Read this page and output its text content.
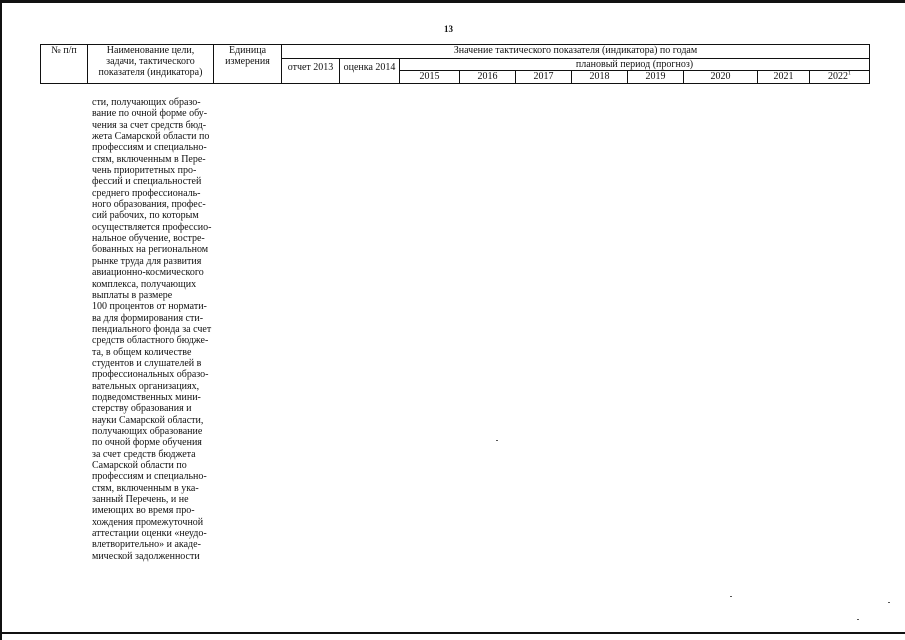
13
№ п/п	Наименование цели,
задачи, тактического
показателя (индикатора)	Единица
измерения	Значение тактического показателя (индикатора) по годам									
			отчет 2013	оценка 2014	плановый период (прогноз)							
					2015	2016	2017	2018	2019	2020	2021	2022$^1$
сти, получающих образо-
вание по очной форме обу-
чения за счет средств бюд-
жета Самарской области по
профессиям и специально-
стям, включенным в Пере-
чень приоритетных про-
фессий и специальностей
среднего профессиональ-
ного образования, профес-
сий рабочих, по которым
осуществляется профессио-
нальное обучение, востре-
бованных на региональном
рынке труда для развития
авиационно-космического
комплекса, получающих
выплаты в размере
100 процентов от нормати-
ва для формирования сти-
пендиального фонда за счет
средств областного бюдже-
та, в общем количестве
студентов и слушателей в
профессиональных образо-
вательных организациях,
подведомственных мини-
стерству образования и
науки Самарской области,
получающих образование
по очной форме обучения
за счет средств бюджета
Самарской области по
профессиям и специально-
стям, включенным в ука-
занный Перечень, и не
имеющих во время про-
хождения промежуточной
аттестации оценки «неудо-
влетворительно» и акаде-
мической задолженности
